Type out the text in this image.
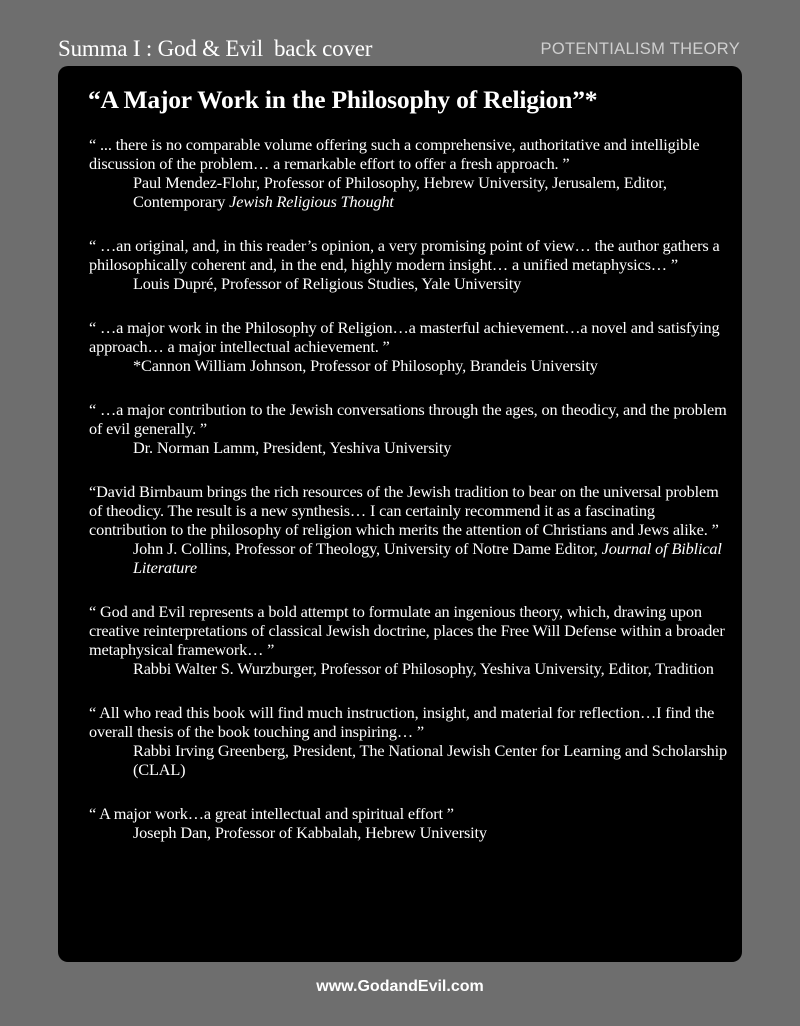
Summa I : God & Evil  back cover	POTENTIALISM THEORY
“A Major Work in the Philosophy of Religion”*

“ ... there is no comparable volume offering such a comprehensive, authoritative and intelligible discussion of the problem… a remarkable effort to offer a fresh approach. ”

Paul Mendez-Flohr, Professor of Philosophy, Hebrew University, Jerusalem, Editor, Contemporary Jewish Religious Thought

“ …an original, and, in this reader’s opinion, a very promising point of view… the author gathers a philosophically coherent and, in the end, highly modern insight… a unified metaphysics… ”

Louis Dupré, Professor of Religious Studies, Yale University

“ …a major work in the Philosophy of Religion…a masterful achievement…a novel and satisfying approach… a major intellectual achievement. ”

*Cannon William Johnson, Professor of Philosophy, Brandeis University

“ …a major contribution to the Jewish conversations through the ages, on theodicy, and the problem of evil generally. ”

Dr. Norman Lamm, President, Yeshiva University

“David Birnbaum brings the rich resources of the Jewish tradition to bear on the universal problem of theodicy. The result is a new synthesis… I can certainly recommend it as a fascinating contribution to the philosophy of religion which merits the attention of Christians and Jews alike. ”

John J. Collins, Professor of Theology, University of Notre Dame Editor, Journal of Biblical Literature

“ God and Evil represents a bold attempt to formulate an ingenious theory, which, drawing upon creative reinterpretations of classical Jewish doctrine, places the Free Will Defense within a broader metaphysical framework… ”

Rabbi Walter S. Wurzburger, Professor of Philosophy, Yeshiva University, Editor, Tradition

“ All who read this book will find much instruction, insight, and material for reflection…I find the overall thesis of the book touching and inspiring… ”

Rabbi Irving Greenberg, President, The National Jewish Center for Learning and Scholarship (CLAL)

“ A major work…a great intellectual and spiritual effort ”

Joseph Dan, Professor of Kabbalah, Hebrew University

www.GodandEvil.com
